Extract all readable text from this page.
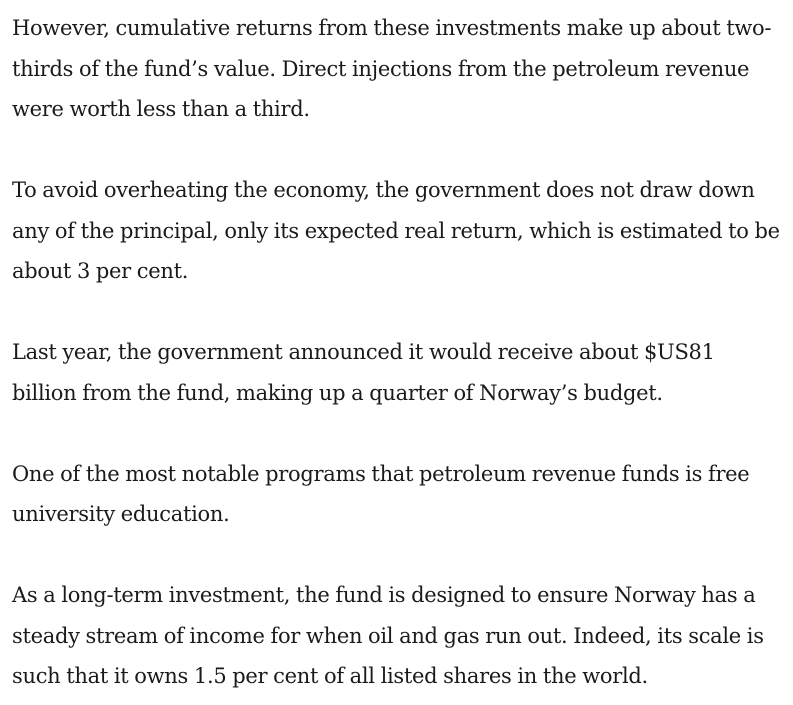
However, cumulative returns from these investments make up about two-thirds of the fund’s value. Direct injections from the petroleum revenue were worth less than a third.

To avoid overheating the economy, the government does not draw down any of the principal, only its expected real return, which is estimated to be about 3 per cent.

Last year, the government announced it would receive about $US81 billion from the fund, making up a quarter of Norway’s budget.

One of the most notable programs that petroleum revenue funds is free university education.

As a long-term investment, the fund is designed to ensure Norway has a steady stream of income for when oil and gas run out. Indeed, its scale is such that it owns 1.5 per cent of all listed shares in the world.
